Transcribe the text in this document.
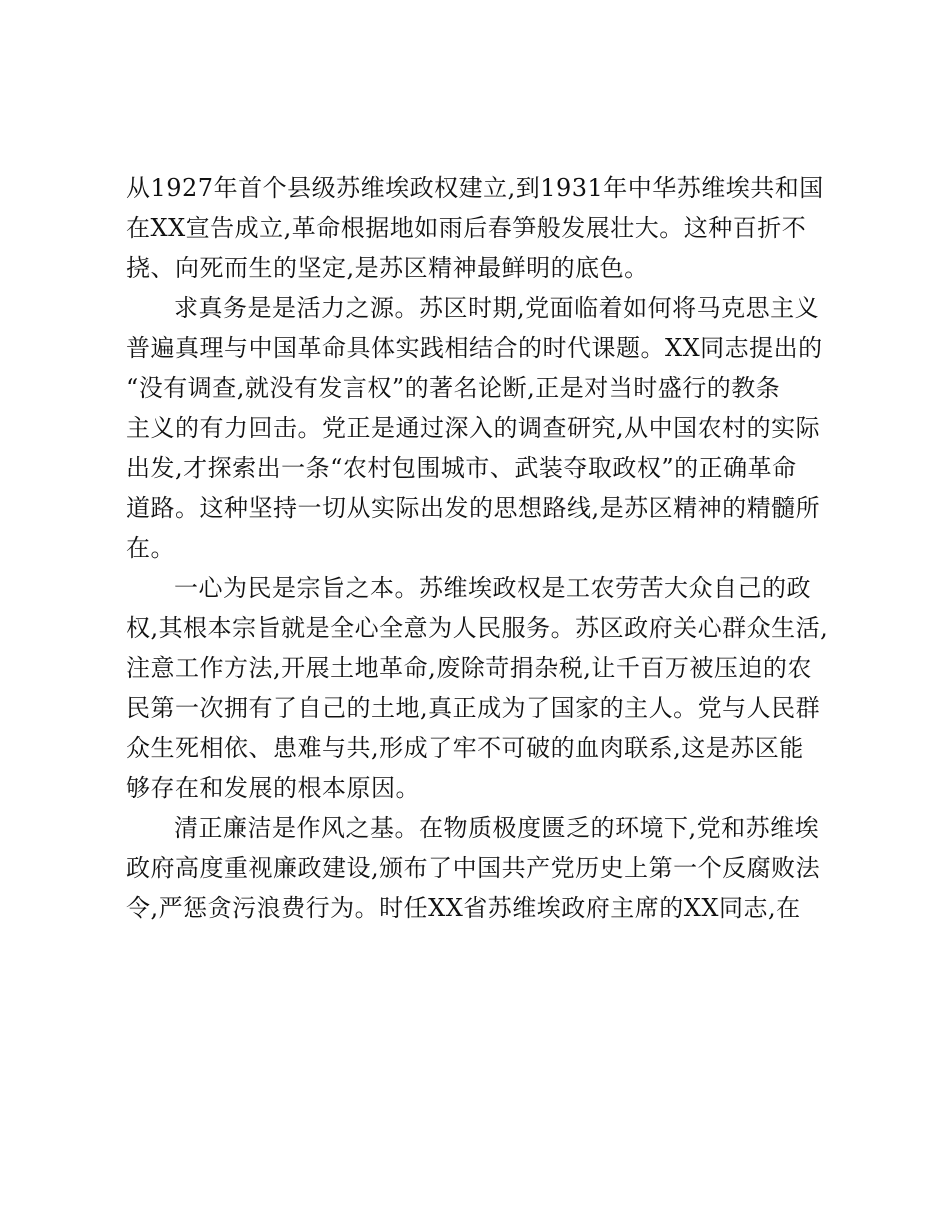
从1927年首个县级苏维埃政权建立,到1931年中华苏维埃共和国
在XX宣告成立,革命根据地如雨后春笋般发展壮大。这种百折不
挠、向死而生的坚定,是苏区精神最鲜明的底色。
求真务是是活力之源。苏区时期,党面临着如何将马克思主义
普遍真理与中国革命具体实践相结合的时代课题。XX同志提出的
“没有调查,就没有发言权”的著名论断,正是对当时盛行的教条
主义的有力回击。党正是通过深入的调查研究,从中国农村的实际
出发,才探索出一条“农村包围城市、武装夺取政权”的正确革命
道路。这种坚持一切从实际出发的思想路线,是苏区精神的精髓所
在。
一心为民是宗旨之本。苏维埃政权是工农劳苦大众自己的政
权,其根本宗旨就是全心全意为人民服务。苏区政府关心群众生活,
注意工作方法,开展土地革命,废除苛捐杂税,让千百万被压迫的农
民第一次拥有了自己的土地,真正成为了国家的主人。党与人民群
众生死相依、患难与共,形成了牢不可破的血肉联系,这是苏区能
够存在和发展的根本原因。
清正廉洁是作风之基。在物质极度匮乏的环境下,党和苏维埃
政府高度重视廉政建设,颁布了中国共产党历史上第一个反腐败法
令,严惩贪污浪费行为。时任XX省苏维埃政府主席的XX同志,在
